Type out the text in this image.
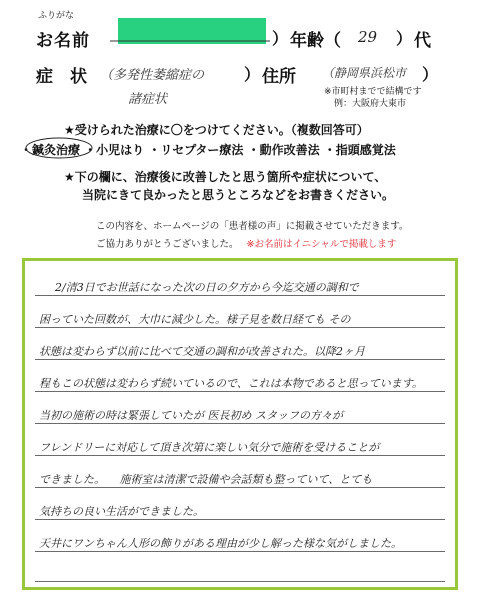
ふりがな
お名前	） 年齢（ 29 ） 代
症　状 （多発性萎縮症の
諸症状
） 住所 （静岡県浜松市 ）
※市町村までで結構です
例：大阪府大東市
★受けられた治療に〇をつけてください。（複数回答可）
・鍼灸治療 ・小児はり ・リセプター療法 ・動作改善法 ・指頭感覚法
★下の欄に、治療後に改善したと思う箇所や症状について、
当院にきて良かったと思うところなどをお書きください。
この内容を、ホームページの「患者様の声」に掲載させていただきます。
ご協力ありがとうございました。 ※お名前はイニシャルで掲載します
2/清3日でお世話になった次の日の夕方から今迄交通の調和で
困っていた回数が、大巾に減少した。様子見を数日経ても その
状態は変わらず以前に比べて交通の調和が改善された。以降2ヶ月
程もこの状態は変わらず続いているので、これは本物であると思っています。
当初の施術の時は緊張していたが 医長初め スタッフの方々が
フレンドリーに対応して頂き次第に楽しい気分で施術を受けることが
できました。 　施術室は清潔で設備や会話類も整っていて、とても
気持ちの良い生活ができました。
天井にワンちゃん人形の飾りがある理由が少し解った様な気がしました。
